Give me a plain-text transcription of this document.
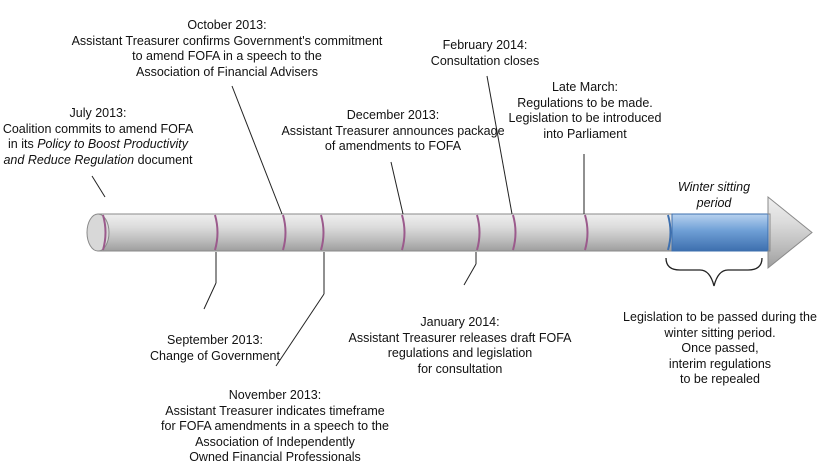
July 2013:
Coalition commits to amend FOFA
in its Policy to Boost Productivity
and Reduce Regulation document
October 2013:
Assistant Treasurer confirms Government's commitment
to amend FOFA in a speech to the
Association of Financial Advisers
December 2013:
Assistant Treasurer announces package
of amendments to FOFA
February 2014:
Consultation closes
Late March:
Regulations to be made.
Legislation to be introduced
into Parliament
Winter sitting
period
September 2013:
Change of Government
November 2013:
Assistant Treasurer indicates timeframe
for FOFA amendments in a speech to the
Association of Independently
Owned Financial Professionals
January 2014:
Assistant Treasurer releases draft FOFA
regulations and legislation
for consultation
Legislation to be passed during the
winter sitting period.
Once passed,
interim regulations
to be repealed
